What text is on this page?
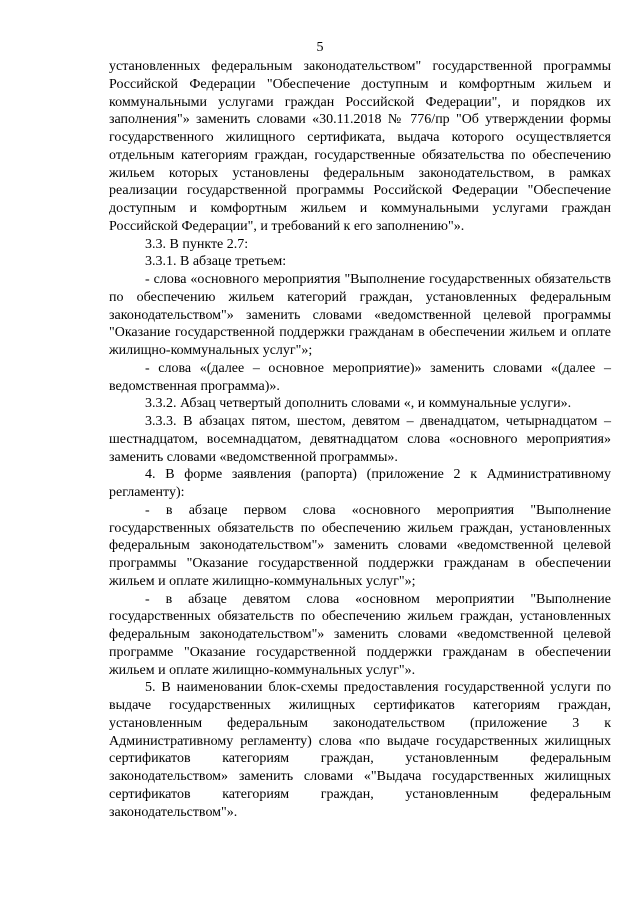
5

установленных федеральным законодательством" государственной программы Российской Федерации "Обеспечение доступным и комфортным жильем и коммунальными услугами граждан Российской Федерации", и порядков их заполнения"» заменить словами «30.11.2018 № 776/пр "Об утверждении формы государственного жилищного сертификата, выдача которого осуществляется отдельным категориям граждан, государственные обязательства по обеспечению жильем которых установлены федеральным законодательством, в рамках реализации государственной программы Российской Федерации "Обеспечение доступным и комфортным жильем и коммунальными услугами граждан Российской Федерации", и требований к его заполнению"».

3.3. В пункте 2.7:

3.3.1. В абзаце третьем:

- слова «основного мероприятия "Выполнение государственных обязательств по обеспечению жильем категорий граждан, установленных федеральным законодательством"» заменить словами «ведомственной целевой программы "Оказание государственной поддержки гражданам в обеспечении жильем и оплате жилищно-коммунальных услуг"»;

- слова «(далее – основное мероприятие)» заменить словами «(далее – ведомственная программа)».

3.3.2. Абзац четвертый дополнить словами «, и коммунальные услуги».

3.3.3. В абзацах пятом, шестом, девятом – двенадцатом, четырнадцатом – шестнадцатом, восемнадцатом, девятнадцатом слова «основного мероприятия» заменить словами «ведомственной программы».

4. В форме заявления (рапорта) (приложение 2 к Административному регламенту):

- в абзаце первом слова «основного мероприятия "Выполнение государственных обязательств по обеспечению жильем граждан, установленных федеральным законодательством"» заменить словами «ведомственной целевой программы "Оказание государственной поддержки гражданам в обеспечении жильем и оплате жилищно-коммунальных услуг"»;

- в абзаце девятом слова «основном мероприятии "Выполнение государственных обязательств по обеспечению жильем граждан, установленных федеральным законодательством"» заменить словами «ведомственной целевой программе "Оказание государственной поддержки гражданам в обеспечении жильем и оплате жилищно-коммунальных услуг"».

5. В наименовании блок-схемы предоставления государственной услуги по выдаче государственных жилищных сертификатов категориям граждан, установленным федеральным законодательством (приложение 3 к Административному регламенту) слова «по выдаче государственных жилищных сертификатов категориям граждан, установленным федеральным законодательством» заменить словами «"Выдача государственных жилищных сертификатов категориям граждан, установленным федеральным законодательством"».
